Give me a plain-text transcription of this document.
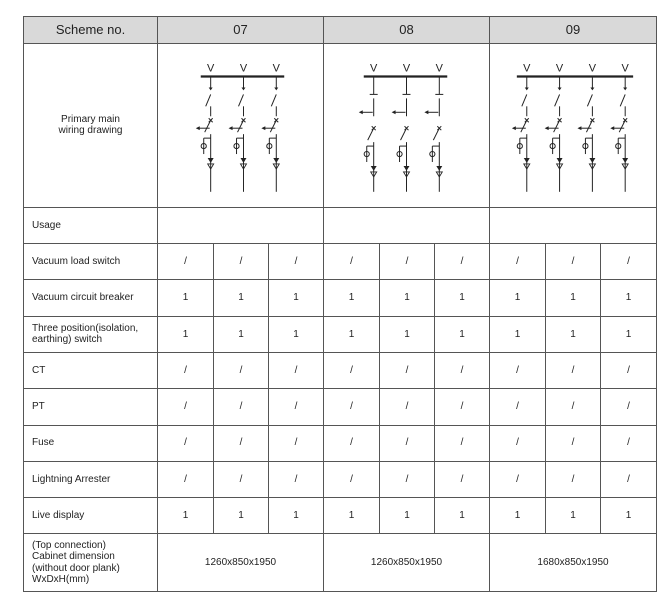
Scheme no.	07			08			09		
Primary main
wiring drawing	V V V			V V V			V V V V		

Usage									
Vacuum load switch	/	/	/	/	/	/	/	/	/
Vacuum circuit breaker	1	1	1	1	1	1	1	1	1
Three position(isolation,
earthing) switch	1	1	1	1	1	1	1	1	1
CT	/	/	/	/	/	/	/	/	/
PT	/	/	/	/	/	/	/	/	/
Fuse	/	/	/	/	/	/	/	/	/
Lightning Arrester	/	/	/	/	/	/	/	/	/
Live display	1	1	1	1	1	1	1	1	1
(Top connection)
Cabinet dimension
(without door plank)
WxDxH(mm)	1260x850x1950			1260x850x1950			1680x850x1950		
